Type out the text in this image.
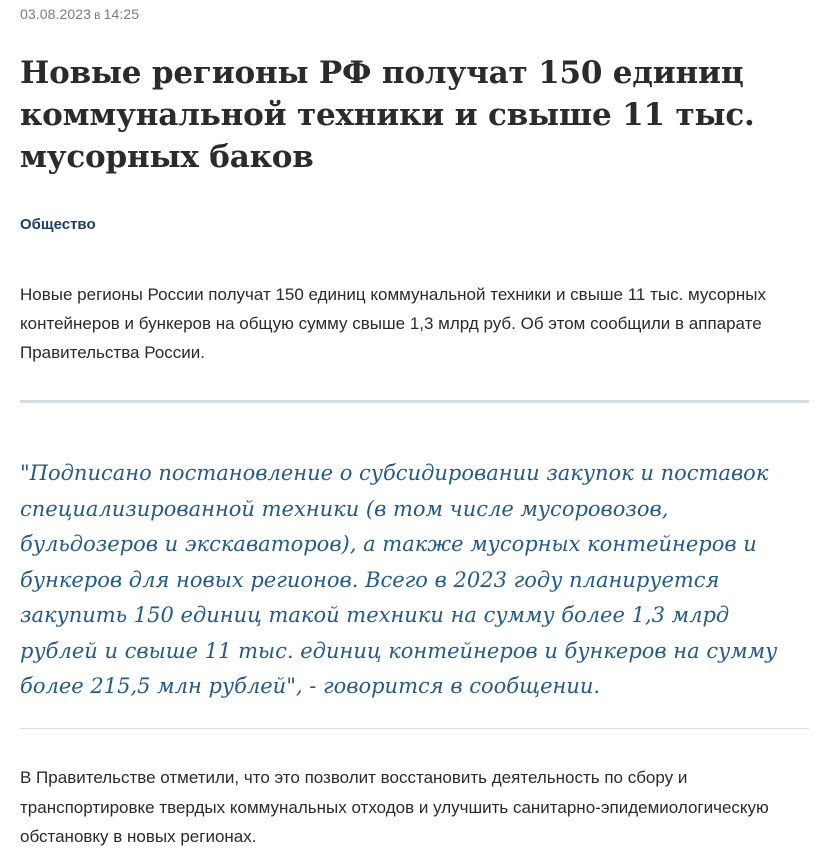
03.08.2023 в 14:25
Новые регионы РФ получат 150 единиц коммунальной техники и свыше 11 тыс. мусорных баков
Общество

Новые регионы России получат 150 единиц коммунальной техники и свыше 11 тыс. мусорных контейнеров и бункеров на общую сумму свыше 1,3 млрд руб. Об этом сообщили в аппарате Правительства России.

"Подписано постановление о субсидировании закупок и поставок специализированной техники (в том числе мусоровозов, бульдозеров и экскаваторов), а также мусорных контейнеров и бункеров для новых регионов. Всего в 2023 году планируется закупить 150 единиц такой техники на сумму более 1,3 млрд рублей и свыше 11 тыс. единиц контейнеров и бункеров на сумму более 215,5 млн рублей", - говорится в сообщении.

В Правительстве отметили, что это позволит восстановить деятельность по сбору и транспортировке твердых коммунальных отходов и улучшить санитарно-эпидемиологическую обстановку в новых регионах.
